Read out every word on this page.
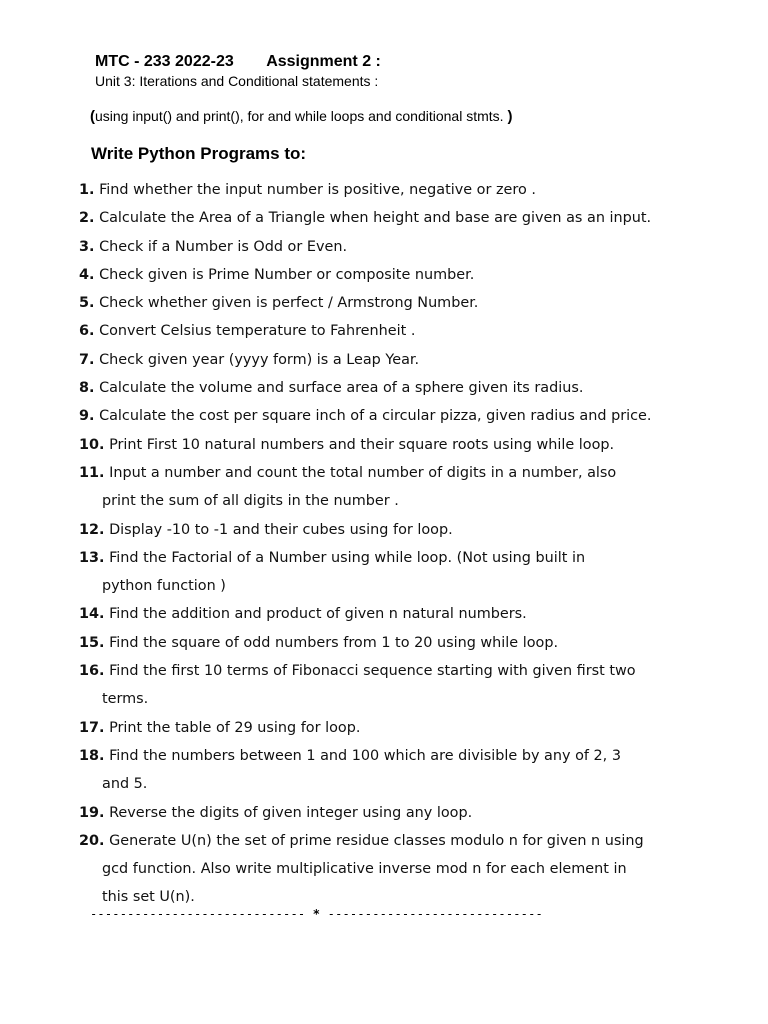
MTC - 233 2022-23 Assignment 2 :
Unit 3: Iterations and Conditional statements :
(using input() and print(), for and while loops and conditional stmts. )
Write Python Programs to:
1. Find whether the input number is positive, negative or zero .
2. Calculate the Area of a Triangle when height and base are given as an input.
3. Check if a Number is Odd or Even.
4. Check given is Prime Number or composite number.
5. Check whether given is perfect / Armstrong Number.
6. Convert Celsius temperature to Fahrenheit .
7. Check given year (yyyy form) is a Leap Year.
8. Calculate the volume and surface area of a sphere given its radius.
9. Calculate the cost per square inch of a circular pizza, given radius and price.
10. Print First 10 natural numbers and their square roots using while loop.
11. Input a number and count the total number of digits in a number, also
print the sum of all digits in the number .
12. Display -10 to -1 and their cubes using for loop.
13. Find the Factorial of a Number using while loop. (Not using built in
python function )
14. Find the addition and product of given n natural numbers.
15. Find the square of odd numbers from 1 to 20 using while loop.
16. Find the first 10 terms of Fibonacci sequence starting with given first two
terms.
17. Print the table of 29 using for loop.
18. Find the numbers between 1 and 100 which are divisible by any of 2, 3
and 5.
19. Reverse the digits of given integer using any loop.
20. Generate U(n) the set of prime residue classes modulo n for given n using
gcd function. Also write multiplicative inverse mod n for each element in
this set U(n).
----------------------------- * -----------------------------
